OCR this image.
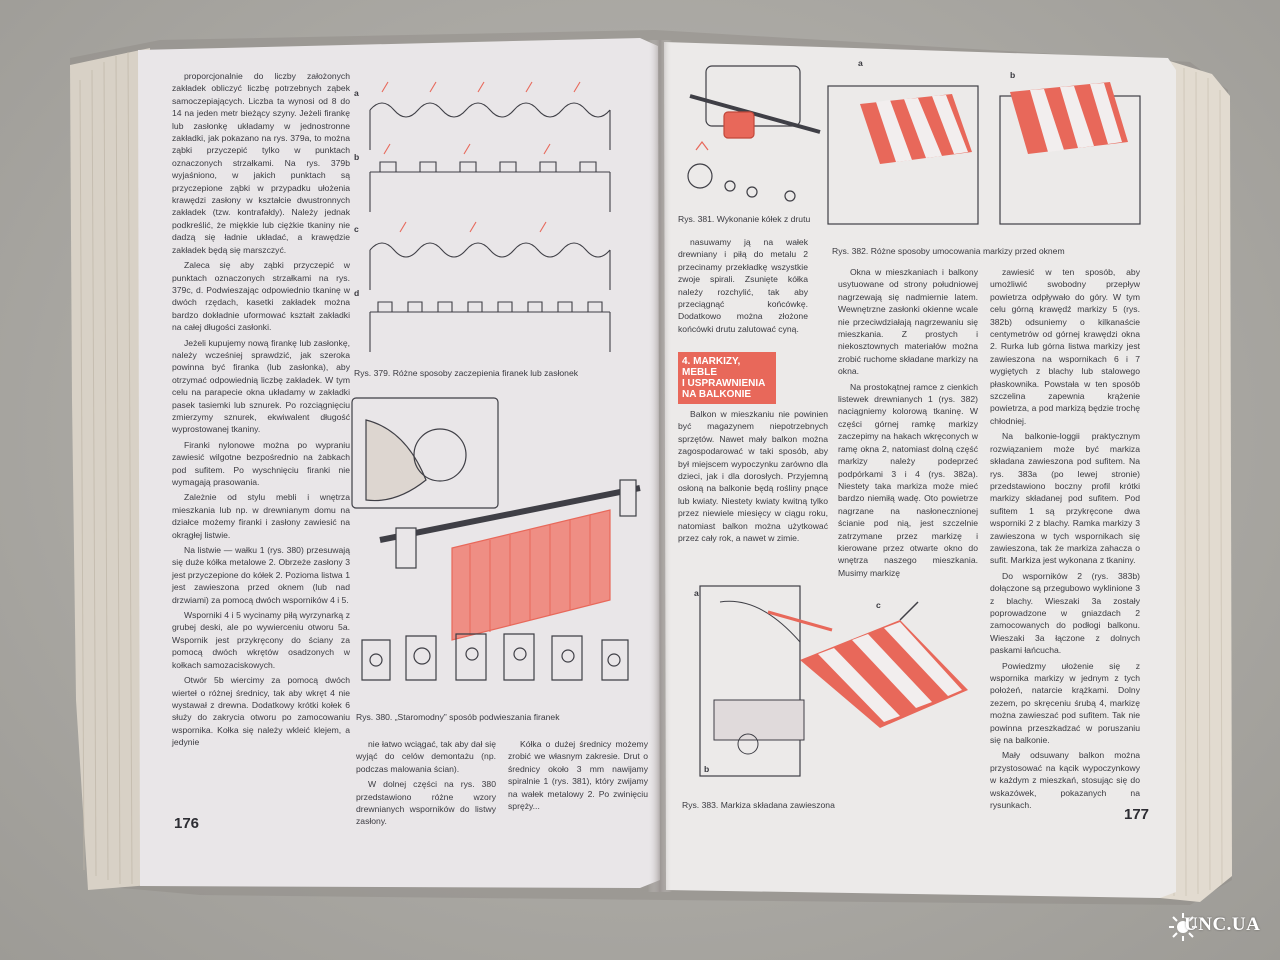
proporcjonalnie do liczby założonych zakładek obliczyć liczbę potrzebnych ząbek samoczepiających. Liczba ta wynosi od 8 do 14 na jeden metr bieżący szyny. Jeżeli firankę lub zasłonkę układamy w jednostronne zakładki, jak pokazano na rys. 379a, to można ząbki przyczepić tylko w punktach oznaczonych strzałkami. Na rys. 379b wyjaśniono, w jakich punktach są przyczepione ząbki w przypadku ułożenia krawędzi zasłony w kształcie dwustronnych zakładek (tzw. kontrafałdy). Należy jednak podkreślić, że miękkie lub ciężkie tkaniny nie dadzą się ładnie układać, a krawędzie zakładek będą się marszczyć.
Zaleca się aby ząbki przyczepić w punktach oznaczonych strzałkami na rys. 379c, d. Podwieszając odpowiednio tkaninę w dwóch rzędach, kasetki zakładek można bardzo dokładnie uformować kształt zakładki na całej długości zasłonki.
Jeżeli kupujemy nową firankę lub zasłonkę, należy wcześniej sprawdzić, jak szeroka powinna być firanka (lub zasłonka), aby otrzymać odpowiednią liczbę zakładek. W tym celu na parapecie okna układamy w zakładki pasek tasiemki lub sznurek. Po rozciągnięciu zmierzymy sznurek, ekwiwalent długość wyprostowanej tkaniny.
Firanki nylonowe można po wypraniu zawiesić wilgotne bezpośrednio na żabkach pod sufitem. Po wyschnięciu firanki nie wymagają prasowania.
Zależnie od stylu mebli i wnętrza mieszkania lub np. w drewnianym domu na działce możemy firanki i zasłony zawiesić na okrągłej listwie.
Na listwie — wałku 1 (rys. 380) przesuwają się duże kółka metalowe 2. Obrzeże zasłony 3 jest przyczepione do kółek 2. Pozioma listwa 1 jest zawieszona przed oknem (lub nad drzwiami) za pomocą dwóch wsporników 4 i 5.
Wsporniki 4 i 5 wycinamy piłą wyrzynarką z grubej deski, ale po wywierceniu otworu 5a. Wspornik jest przykręcony do ściany za pomocą dwóch wkrętów osadzonych w kołkach samozaciskowych.
Otwór 5b wiercimy za pomocą dwóch wierteł o różnej średnicy, tak aby wkręt 4 nie wystawał z drewna. Dodatkowy krótki kołek 6 służy do zakrycia otworu po zamocowaniu wspornika. Kołka się należy wkleić klejem, a jedynie
a
b
c
d
Rys. 379. Różne sposoby zaczepienia firanek lub zasłonek
Rys. 380. „Staromodny” sposób podwieszania firanek
nie łatwo wciągać, tak aby dał się wyjąć do celów demontażu (np. podczas malowania ścian).
W dolnej części na rys. 380 przedstawiono różne wzory drewnianych wsporników do listwy zasłony.
Kółka o dużej średnicy możemy zrobić we własnym zakresie. Drut o średnicy około 3 mm nawijamy spiralnie 1 (rys. 381), który zwijamy na wałek metalowy 2. Po zwinięciu spręży...
176
Rys. 381. Wykonanie kółek z drutu
a
b
Rys. 382. Różne sposoby umocowania markizy przed oknem
nasuwamy ją na wałek drewniany i piłą do metalu 2 przecinamy przekładkę wszystkie zwoje spirali. Zsunięte kółka należy rozchylić, tak aby przeciągnąć końcówkę. Dodatkowo można złożone końcówki drutu zalutować cyną.
4. MARKIZY, MEBLE
I USPRAWNIENIA
NA BALKONIE
Balkon w mieszkaniu nie powinien być magazynem niepotrzebnych sprzętów. Nawet mały balkon można zagospodarować w taki sposób, aby był miejscem wypoczynku zarówno dla dzieci, jak i dla dorosłych. Przyjemną osłoną na balkonie będą rośliny pnące lub kwiaty. Niestety kwiaty kwitną tylko przez niewiele miesięcy w ciągu roku, natomiast balkon można użytkować przez cały rok, a nawet w zimie.
Okna w mieszkaniach i balkony usytuowane od strony południowej nagrzewają się nadmiernie latem. Wewnętrzne zasłonki okienne wcale nie przeciwdziałają nagrzewaniu się mieszkania. Z prostych i niekosztownych materiałów można zrobić ruchome składane markizy na okna.
Na prostokątnej ramce z cienkich listewek drewnianych 1 (rys. 382) naciągniemy kolorową tkaninę. W części górnej ramkę markizy zaczepimy na hakach wkręconych w ramę okna 2, natomiast dolną część markizy należy podeprzeć podpórkami 3 i 4 (rys. 382a). Niestety taka markiza może mieć bardzo niemiłą wadę. Oto powietrze nagrzane na nasłonecznionej ścianie pod nią, jest szczelnie zatrzymane przez markizę i kierowane przez otwarte okno do wnętrza naszego mieszkania. Musimy markizę
zawiesić w ten sposób, aby umożliwić swobodny przepływ powietrza odpływało do góry. W tym celu górną krawędź markizy 5 (rys. 382b) odsuniemy o kilkanaście centymetrów od górnej krawędzi okna 2. Rurka lub górna listwa markizy jest zawieszona na wspornikach 6 i 7 wygiętych z blachy lub stalowego płaskownika. Powstała w ten sposób szczelina zapewnia krążenie powietrza, a pod markizą będzie trochę chłodniej.
Na balkonie-loggii praktycznym rozwiązaniem może być markiza składana zawieszona pod sufitem. Na rys. 383a (po lewej stronie) przedstawiono boczny profil krótki markizy składanej pod sufitem. Pod sufitem 1 są przykręcone dwa wsporniki 2 z blachy. Ramka markizy 3 zawieszona w tych wspornikach się zawieszona, tak że markiza zahacza o sufit. Markiza jest wykonana z tkaniny.
Do wsporników 2 (rys. 383b) dołączone są przegubowo wyklinione 3 z blachy. Wieszaki 3a zostały poprowadzone w gniazdach 2 zamocowanych do podłogi balkonu. Wieszaki 3a łączone z dolnych paskami łańcucha.
Powiedzmy ułożenie się z wspornika markizy w jednym z tych położeń, natarcie krążkami. Dolny zezem, po skręceniu śrubą 4, markizę można zawieszać pod sufitem. Tak nie powinna przeszkadzać w poruszaniu się na balkonie.
Mały odsuwany balkon można przystosować na kącik wypoczynkowy w każdym z mieszkań, stosując się do wskazówek, pokazanych na rysunkach.
a
b
c
Rys. 383. Markiza składana zawieszona
177
UNC.UA
